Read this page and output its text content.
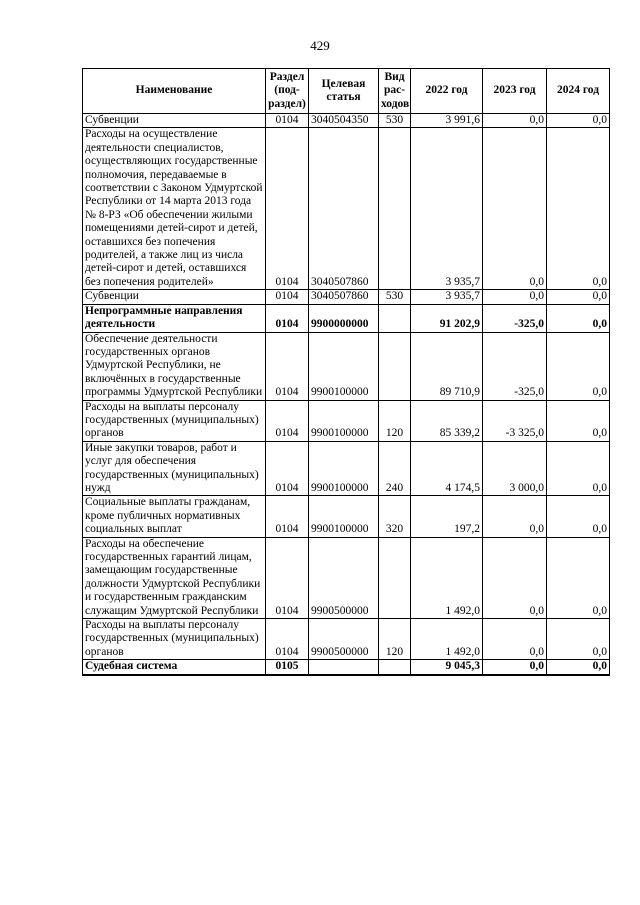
429
Наименование	Раздел (под- раздел)	Целевая статья	Вид рас- ходов	2022 год	2023 год	2024 год
Субвенции	0104	3040504350	530	3 991,6	0,0	0,0
Расходы на осуществление деятельности специалистов, осуществляющих государственные полномочия, передаваемые в соответствии с Законом Удмуртской Республики от 14 марта 2013 года № 8-РЗ «Об обеспечении жилыми помещениями детей-сирот и детей, оставшихся без попечения родителей, а также лиц из числа детей-сирот и детей, оставшихся без попечения родителей»	0104	3040507860		3 935,7	0,0	0,0
Субвенции	0104	3040507860	530	3 935,7	0,0	0,0
Непрограммные направления деятельности	0104	9900000000		91 202,9	-325,0	0,0
Обеспечение деятельности государственных органов Удмуртской Республики, не включённых в государственные программы Удмуртской Республики	0104	9900100000		89 710,9	-325,0	0,0
Расходы на выплаты персоналу государственных (муниципальных) органов	0104	9900100000	120	85 339,2	-3 325,0	0,0
Иные закупки товаров, работ и услуг для обеспечения государственных (муниципальных) нужд	0104	9900100000	240	4 174,5	3 000,0	0,0
Социальные выплаты гражданам, кроме публичных нормативных социальных выплат	0104	9900100000	320	197,2	0,0	0,0
Расходы на обеспечение государственных гарантий лицам, замещающим государственные должности Удмуртской Республики и государственным гражданским служащим Удмуртской Республики	0104	9900500000		1 492,0	0,0	0,0
Расходы на выплаты персоналу государственных (муниципальных) органов	0104	9900500000	120	1 492,0	0,0	0,0
Судебная система	0105			9 045,3	0,0	0,0
